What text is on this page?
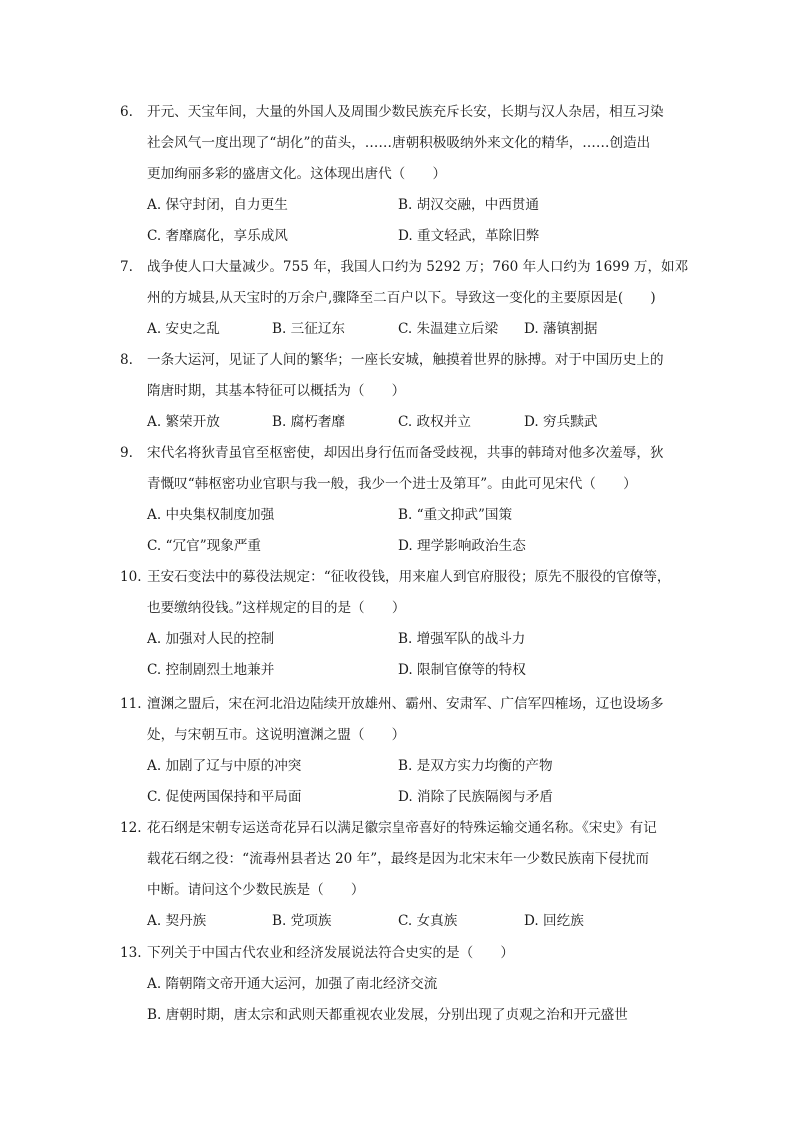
6. 开元、天宝年间，大量的外国人及周围少数民族充斥长安，长期与汉人杂居，相互习染
社会风气一度出现了“胡化”的苗头，……唐朝积极吸纳外来文化的精华，……创造出
更加绚丽多彩的盛唐文化。这体现出唐代（　　）
A. 保守封闭，自力更生	B. 胡汉交融，中西贯通
C. 奢靡腐化，享乐成风	D. 重文轻武，革除旧弊
7. 战争使人口大量减少。755 年，我国人口约为 5292 万；760 年人口约为 1699 万，如邓
州的方城县,从天宝时的万余户,骤降至二百户以下。导致这一变化的主要原因是(　　)
A. 安史之乱	B. 三征辽东	C. 朱温建立后梁 D. 藩镇割据
8. 一条大运河，见证了人间的繁华；一座长安城，触摸着世界的脉搏。对于中国历史上的
隋唐时期，其基本特征可以概括为（　　）
A. 繁荣开放	B. 腐朽奢靡	C. 政权并立	D. 穷兵黩武
9. 宋代名将狄青虽官至枢密使，却因出身行伍而备受歧视，共事的韩琦对他多次羞辱，狄
青慨叹“韩枢密功业官职与我一般，我少一个进士及第耳”。由此可见宋代（　　）
A. 中央集权制度加强	B. “重文抑武”国策
C. “冗官”现象严重	D. 理学影响政治生态
10. 王安石变法中的募役法规定：“征收役钱，用来雇人到官府服役；原先不服役的官僚等，
也要缴纳役钱。”这样规定的目的是（　　）
A. 加强对人民的控制	B. 增强军队的战斗力
C. 控制剧烈土地兼并	D. 限制官僚等的特权
11. 澶渊之盟后，宋在河北沿边陆续开放雄州、霸州、安肃军、广信军四榷场，辽也设场多
处，与宋朝互市。这说明澶渊之盟（　　）
A. 加剧了辽与中原的冲突	B. 是双方实力均衡的产物
C. 促使两国保持和平局面	D. 消除了民族隔阂与矛盾
12. 花石纲是宋朝专运送奇花异石以满足徽宗皇帝喜好的特殊运输交通名称。《宋史》有记
载花石纲之役：“流毒州县者达 20 年”，最终是因为北宋末年一少数民族南下侵扰而
中断。请问这个少数民族是（　　）
A. 契丹族	B. 党项族	C. 女真族	D. 回纥族
13. 下列关于中国古代农业和经济发展说法符合史实的是（　　）
A. 隋朝隋文帝开通大运河，加强了南北经济交流
B. 唐朝时期，唐太宗和武则天都重视农业发展，分别出现了贞观之治和开元盛世
